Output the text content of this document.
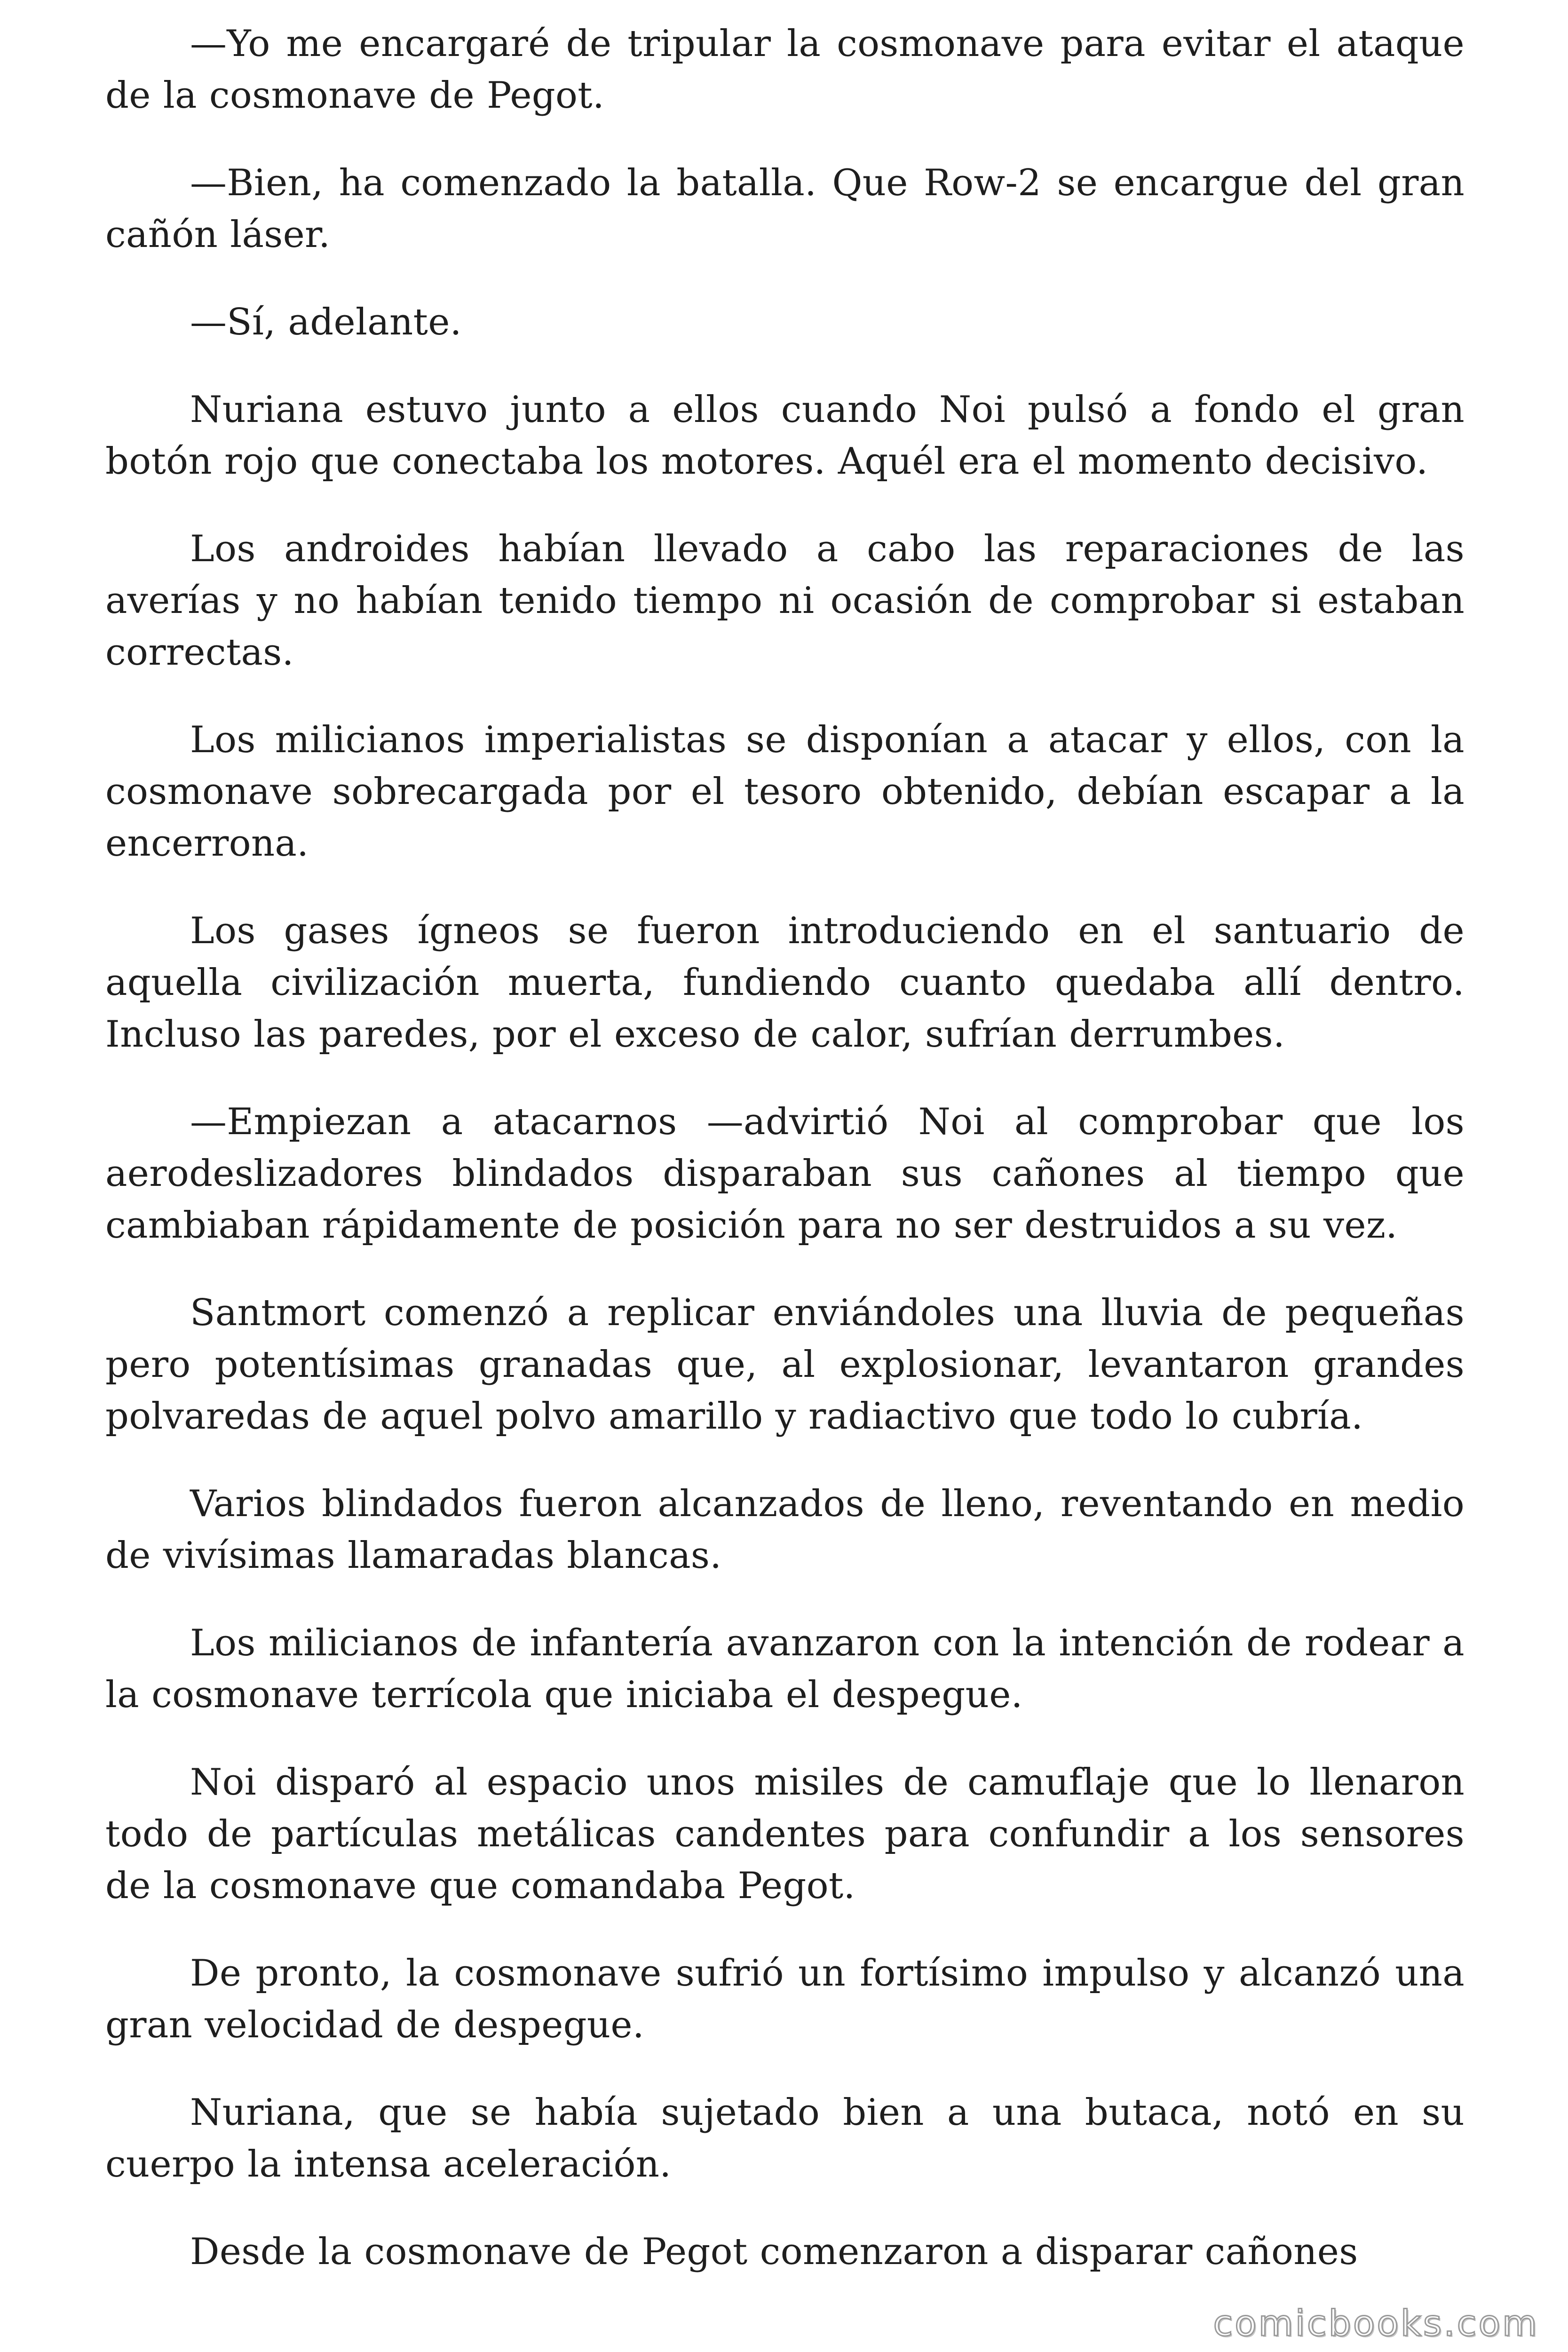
—Yo me encargaré de tripular la cosmonave para evitar el ataque de la cosmonave de Pegot.

—Bien, ha comenzado la batalla. Que Row-2 se encargue del gran cañón láser.

—Sí, adelante.

Nuriana estuvo junto a ellos cuando Noi pulsó a fondo el gran botón rojo que conectaba los motores. Aquél era el momento decisivo.

Los androides habían llevado a cabo las reparaciones de las averías y no habían tenido tiempo ni ocasión de comprobar si estaban correctas.

Los milicianos imperialistas se disponían a atacar y ellos, con la cosmonave sobrecargada por el tesoro obtenido, debían escapar a la encerrona.

Los gases ígneos se fueron introduciendo en el santuario de aquella civilización muerta, fundiendo cuanto quedaba allí dentro. Incluso las paredes, por el exceso de calor, sufrían derrumbes.

—Empiezan a atacarnos —advirtió Noi al comprobar que los aerodeslizadores blindados disparaban sus cañones al tiempo que cambiaban rápidamente de posición para no ser destruidos a su vez.

Santmort comenzó a replicar enviándoles una lluvia de pequeñas pero potentísimas granadas que, al explosionar, levantaron grandes polvaredas de aquel polvo amarillo y radiactivo que todo lo cubría.

Varios blindados fueron alcanzados de lleno, reventando en medio de vivísimas llamaradas blancas.

Los milicianos de infantería avanzaron con la intención de rodear a la cosmonave terrícola que iniciaba el despegue.

Noi disparó al espacio unos misiles de camuflaje que lo llenaron todo de partículas metálicas candentes para confundir a los sensores de la cosmonave que comandaba Pegot.

De pronto, la cosmonave sufrió un fortísimo impulso y alcanzó una gran velocidad de despegue.

Nuriana, que se había sujetado bien a una butaca, notó en su cuerpo la intensa aceleración.

Desde la cosmonave de Pegot comenzaron a disparar cañones

comicbooks.com
